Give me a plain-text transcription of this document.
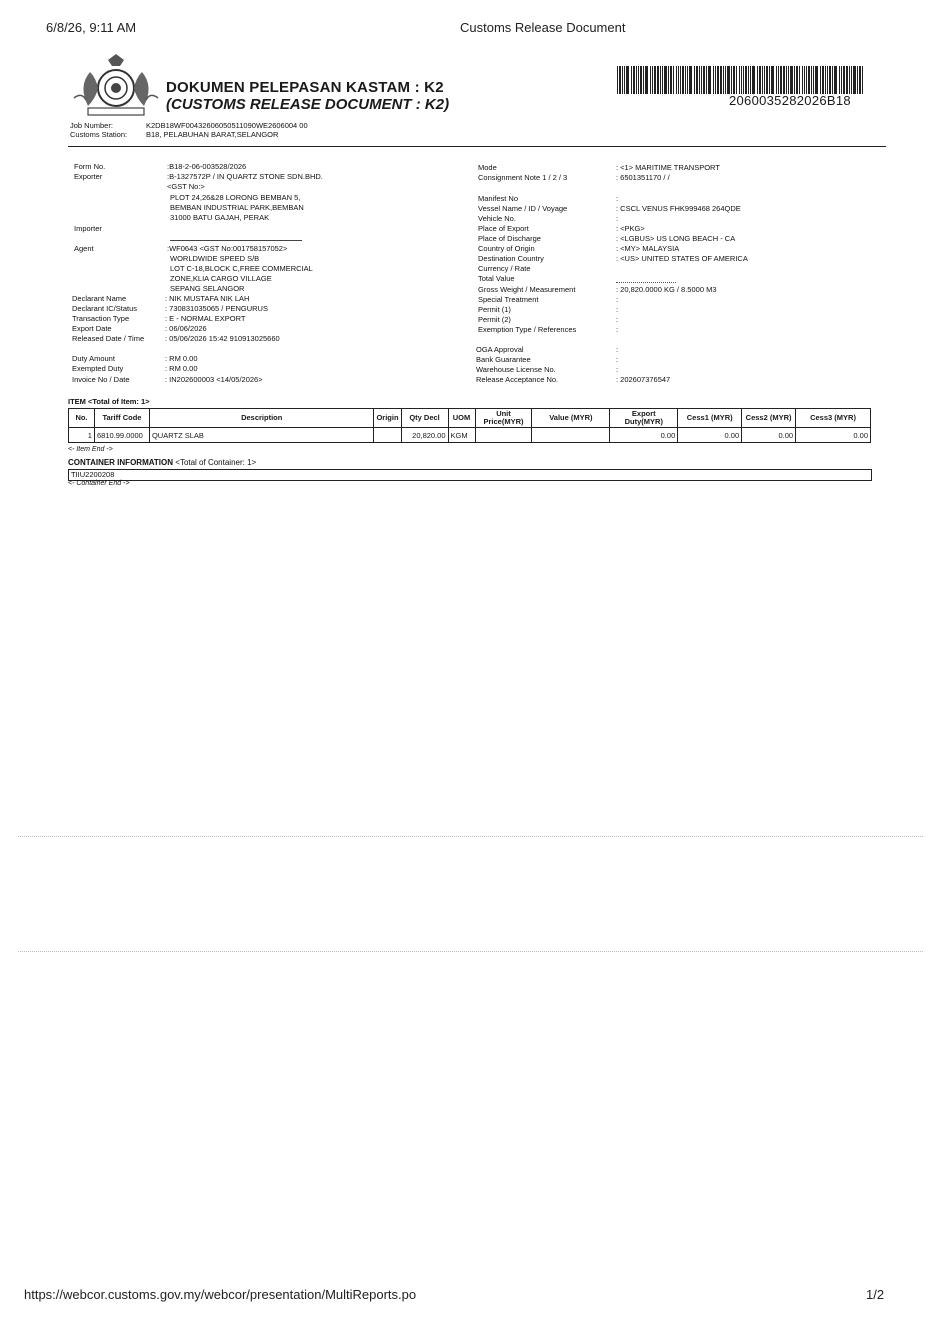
6/8/26, 9:11 AM	Customs Release Document
DOKUMEN PELEPASAN KASTAM : K2
(CUSTOMS RELEASE DOCUMENT : K2)	2060035282026B18
Job Number:	K2DB18WF00432606050511090WE2606004 00
Customs Station:	B18, PELABUHAN BARAT,SELANGOR
Form No.	:B18-2-06-003528/2026
Exporter	:B-1327572P / IN QUARTZ STONE SDN.BHD.
<GST No:>
PLOT 24,26&28 LORONG BEMBAN 5,
BEMBAN INDUSTRIAL PARK,BEMBAN
31000 BATU GAJAH, PERAK
Importer
Agent	:WF0643 <GST No:001758157052>
WORLDWIDE SPEED S/B
LOT C-18,BLOCK C,FREE COMMERCIAL
ZONE,KLIA CARGO VILLAGE
SEPANG SELANGOR
Declarant Name	: NIK MUSTAFA NIK LAH
Declarant IC/Status	: 730831035065 / PENGURUS
Transaction Type	: E - NORMAL EXPORT
Export Date	: 06/06/2026
Released Date / Time	: 05/06/2026 15:42 910913025660
Duty Amount	: RM 0.00
Exempted Duty	: RM 0.00
Invoice No / Date	: IN202600003 <14/05/2026>
Mode	: <1> MARITIME TRANSPORT
Consignment Note 1 / 2 / 3	: 6501351170 / /
Manifest No	:
Vessel Name / ID / Voyage	: CSCL VENUS FHK999468 264QDE
Vehicle No.	:
Place of Export	: <PKG>
Place of Discharge	: <LGBUS> US LONG BEACH - CA
Country of Origin	: <MY> MALAYSIA
Destination Country	: <US> UNITED STATES OF AMERICA
Currency / Rate
Total Value
Gross Weight / Measurement	: 20,820.0000 KG / 8.5000 M3
Special Treatment	:
Permit (1)	:
Permit (2)	:
Exemption Type / References	:
OGA Approval	:
Bank Guarantee	:
Warehouse License No.	:
Release Acceptance No.	: 202607376547
ITEM <Total of Item: 1>
No.	Tariff Code	Description	Origin	Qty Decl	UOM	Unit Price(MYR)	Value (MYR)	Export Duty(MYR)	Cess1 (MYR)	Cess2 (MYR)	Cess3 (MYR)
1	6810.99.0000	QUARTZ SLAB		20,820.00	KGM			0.00	0.00	0.00	0.00
<- Item End ->
CONTAINER INFORMATION <Total of Container: 1>
TIIU2200208
<- Container End ->
https://webcor.customs.gov.my/webcor/presentation/MultiReports.po	1/2
